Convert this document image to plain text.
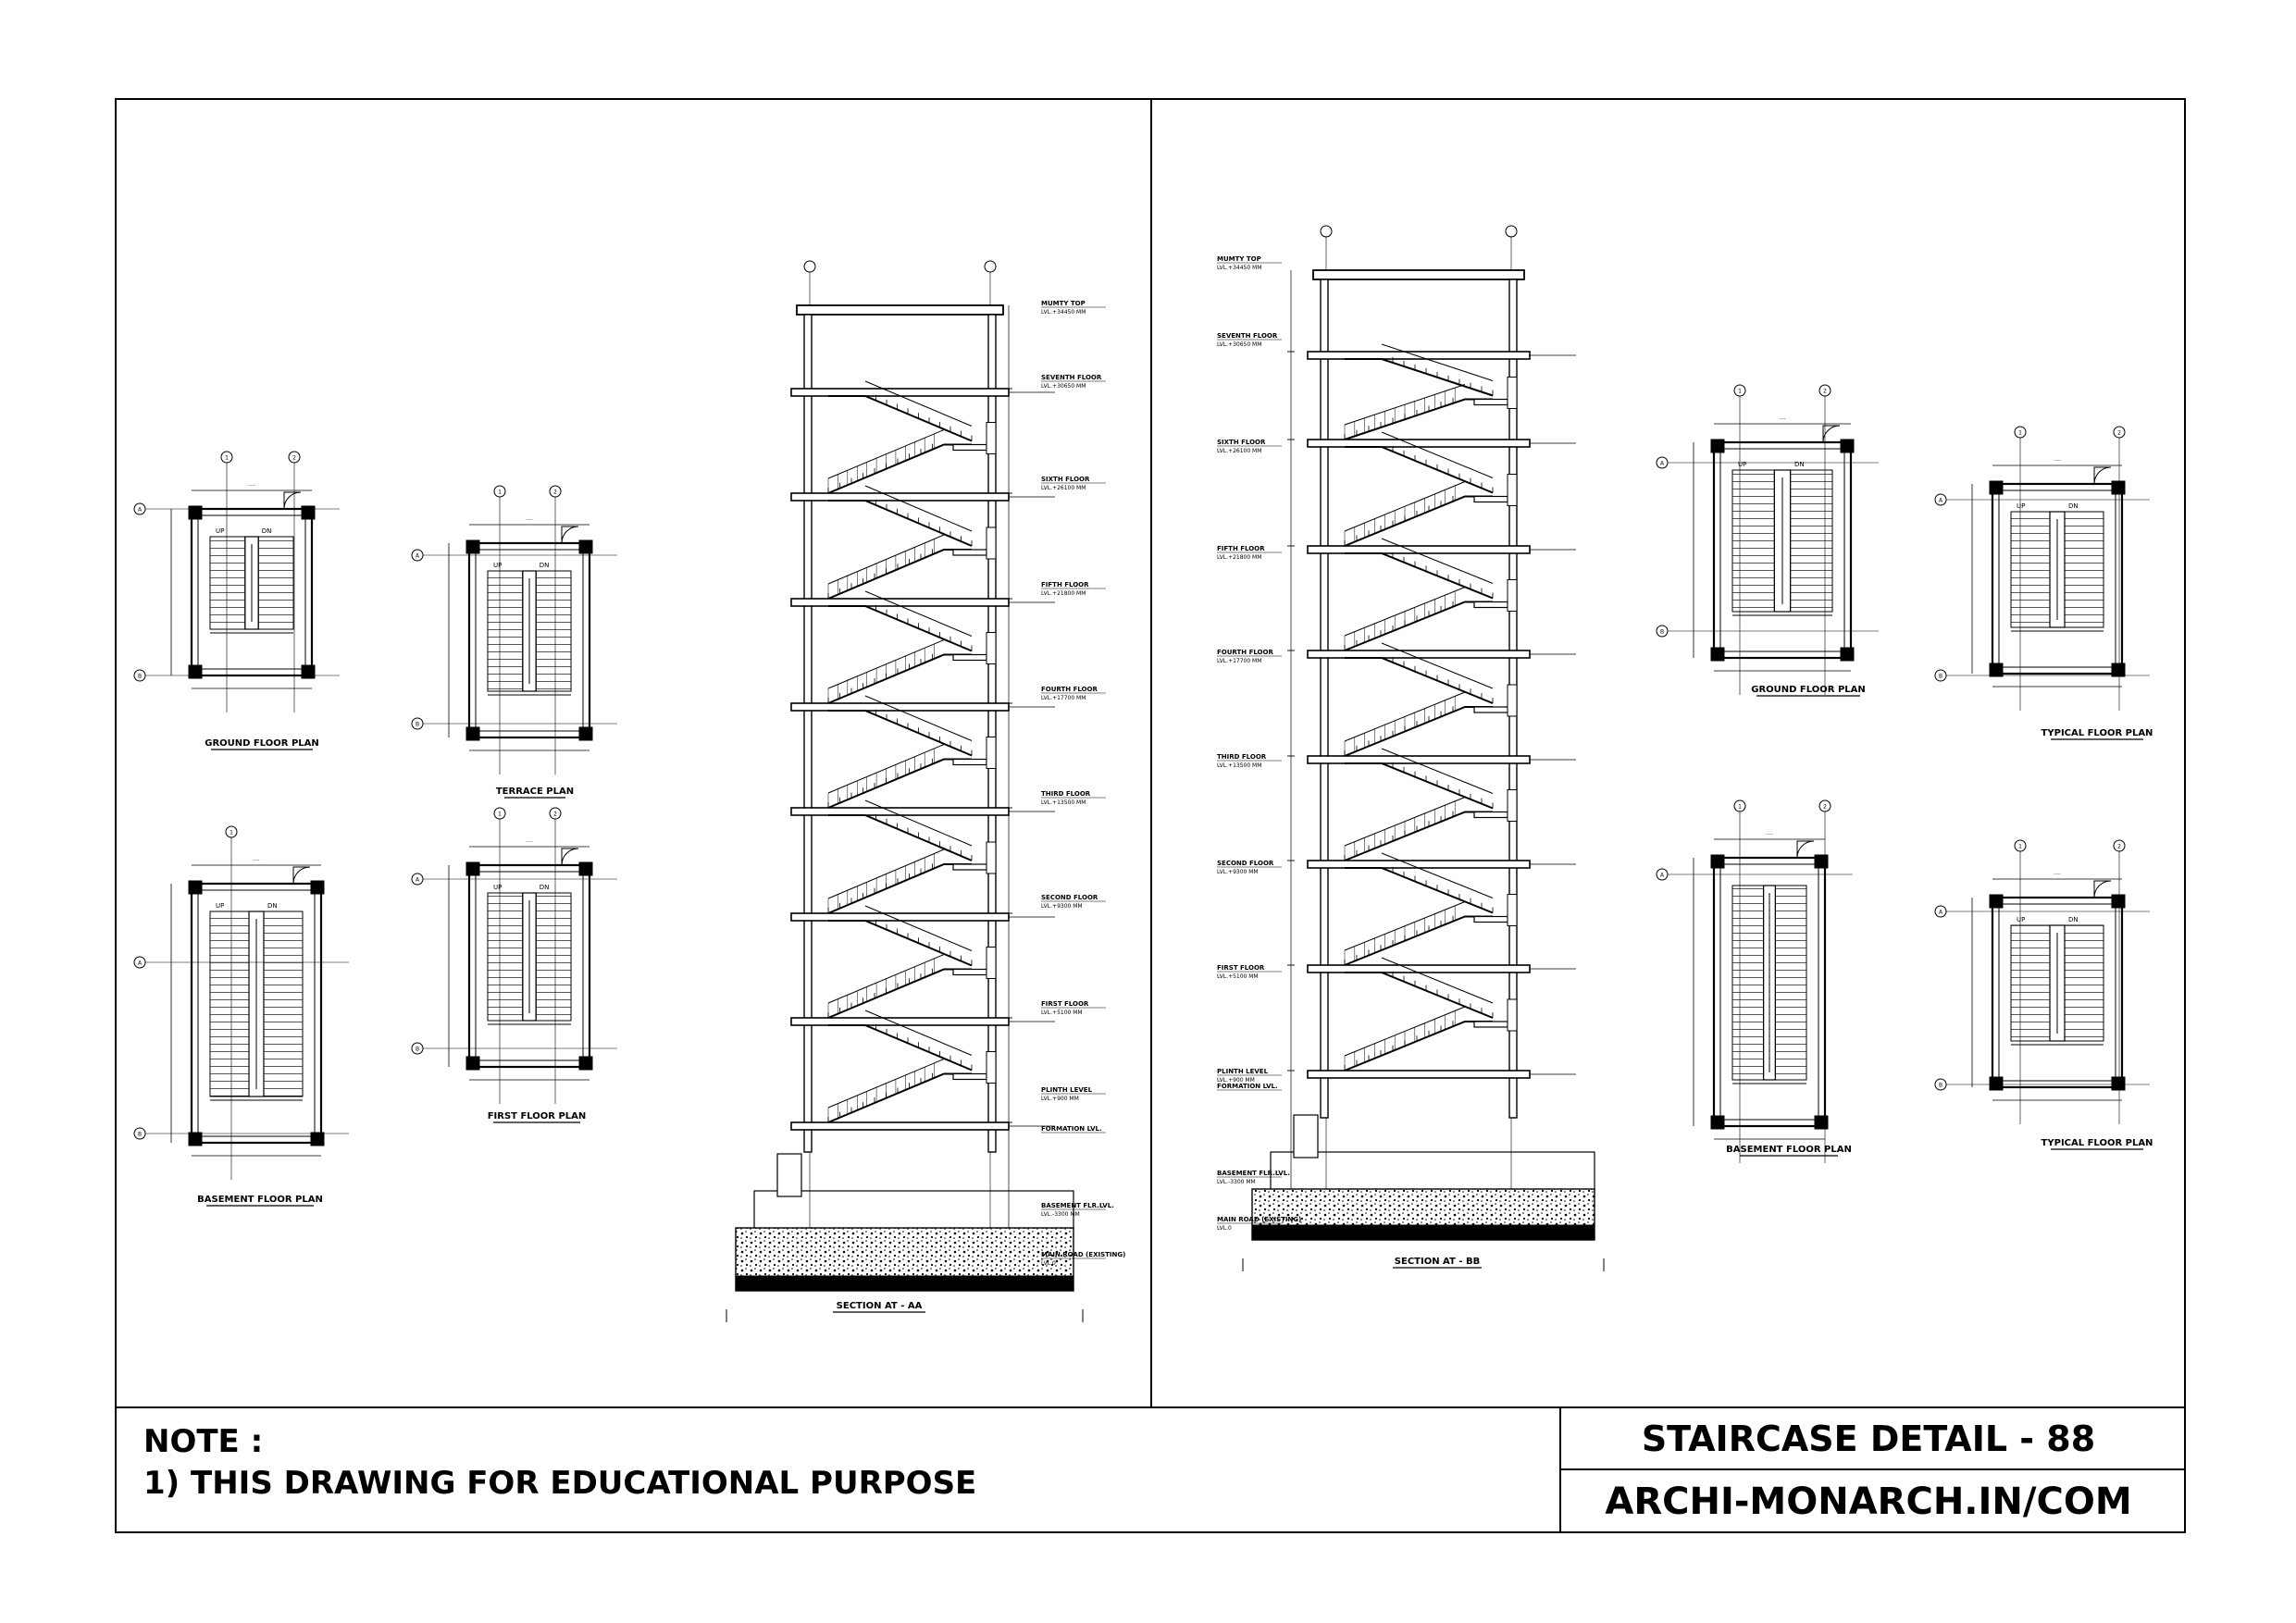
1	2
A
B
UP	DN
····
1	2
A
B
UP	DN
····
1
A
B
UP	DN
····
1	2
A
B
UP	DN
····
1	2
A
B
UP	DN
····
1	2
A
B
UP	DN
····
1	2
A
····
1	2
A
B
UP	DN
····
MUMTY TOP
LVL.+34450 MM
SEVENTH FLOOR
LVL.+30650 MM
SIXTH FLOOR
LVL.+26100 MM
FIFTH FLOOR
LVL.+21800 MM
FOURTH FLOOR
LVL.+17700 MM
THIRD FLOOR
LVL.+13500 MM
SECOND FLOOR
LVL.+9300 MM
FIRST FLOOR
LVL.+5100 MM
PLINTH LEVEL
LVL.+900 MM
FORMATION LVL.
BASEMENT FLR.LVL.
LVL.-3300 MM
MAIN ROAD (EXISTING)
LVL.0
MUMTY TOP
LVL.+34450 MM
SEVENTH FLOOR
LVL.+30650 MM
SIXTH FLOOR
LVL.+26100 MM
FIFTH FLOOR
LVL.+21800 MM
FOURTH FLOOR
LVL.+17700 MM
THIRD FLOOR
LVL.+13500 MM
SECOND FLOOR
LVL.+9300 MM
FIRST FLOOR
LVL.+5100 MM
PLINTH LEVEL
LVL.+900 MM
FORMATION LVL.
BASEMENT FLR.LVL.
LVL.-3300 MM
MAIN ROAD (EXISTING)
LVL.0
GROUND FLOOR PLAN
TERRACE PLAN
BASEMENT FLOOR PLAN
FIRST FLOOR PLAN
GROUND FLOOR PLAN
TYPICAL FLOOR PLAN
BASEMENT FLOOR PLAN
TYPICAL FLOOR PLAN
SECTION AT - AA
SECTION AT - BB
NOTE :
1) THIS DRAWING FOR EDUCATIONAL PURPOSE
STAIRCASE DETAIL - 88
ARCHI-MONARCH.IN/COM
